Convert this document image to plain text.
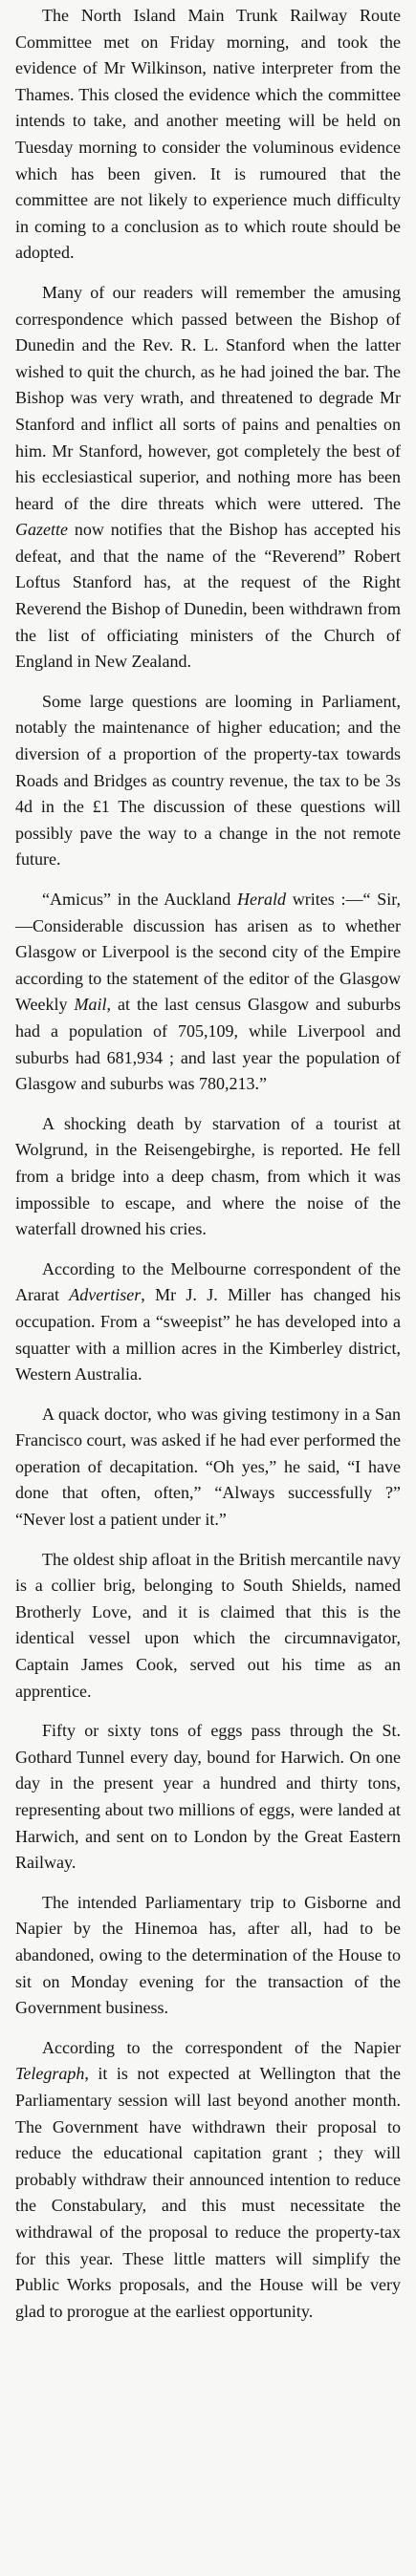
The North Island Main Trunk Railway Route Committee met on Friday morning, and took the evidence of Mr Wilkinson, native interpreter from the Thames. This closed the evidence which the committee intends to take, and another meeting will be held on Tuesday morning to consider the voluminous evidence which has been given. It is rumoured that the committee are not likely to experience much difficulty in coming to a conclusion as to which route should be adopted.

Many of our readers will remember the amusing correspondence which passed between the Bishop of Dunedin and the Rev. R. L. Stanford when the latter wished to quit the church, as he had joined the bar. The Bishop was very wrath, and threatened to degrade Mr Stanford and inflict all sorts of pains and penalties on him. Mr Stanford, however, got completely the best of his ecclesiastical superior, and nothing more has been heard of the dire threats which were uttered. The Gazette now notifies that the Bishop has accepted his defeat, and that the name of the “Reverend” Robert Loftus Stanford has, at the request of the Right Reverend the Bishop of Dunedin, been withdrawn from the list of officiating ministers of the Church of England in New Zealand.

Some large questions are looming in Parliament, notably the maintenance of higher education; and the diversion of a proportion of the property-tax towards Roads and Bridges as country revenue, the tax to be 3s 4d in the £1 The discussion of these questions will possibly pave the way to a change in the not remote future.

“Amicus” in the Auckland Herald writes :—“ Sir,—Considerable discussion has arisen as to whether Glasgow or Liverpool is the second city of the Empire according to the statement of the editor of the Glasgow Weekly Mail, at the last census Glasgow and suburbs had a population of 705,109, while Liverpool and suburbs had 681,934 ; and last year the population of Glasgow and suburbs was 780,213.”

A shocking death by starvation of a tourist at Wolgrund, in the Reisengebirghe, is reported. He fell from a bridge into a deep chasm, from which it was impossible to escape, and where the noise of the waterfall drowned his cries.

According to the Melbourne correspondent of the Ararat Advertiser, Mr J. J. Miller has changed his occupation. From a “sweepist” he has developed into a squatter with a million acres in the Kimberley district, Western Australia.

A quack doctor, who was giving testimony in a San Francisco court, was asked if he had ever performed the operation of decapitation. “Oh yes,” he said, “I have done that often, often,” “Always successfully ?” “Never lost a patient under it.”

The oldest ship afloat in the British mercantile navy is a collier brig, belonging to South Shields, named Brotherly Love, and it is claimed that this is the identical vessel upon which the circumnavigator, Captain James Cook, served out his time as an apprentice.

Fifty or sixty tons of eggs pass through the St. Gothard Tunnel every day, bound for Harwich. On one day in the present year a hundred and thirty tons, representing about two millions of eggs, were landed at Harwich, and sent on to London by the Great Eastern Railway.

The intended Parliamentary trip to Gisborne and Napier by the Hinemoa has, after all, had to be abandoned, owing to the determination of the House to sit on Monday evening for the transaction of the Government business.

According to the correspondent of the Napier Telegraph, it is not expected at Wellington that the Parliamentary session will last beyond another month. The Government have withdrawn their proposal to reduce the educational capitation grant ; they will probably withdraw their announced intention to reduce the Constabulary, and this must necessitate the withdrawal of the proposal to reduce the property-tax for this year. These little matters will simplify the Public Works proposals, and the House will be very glad to prorogue at the earliest opportunity.
